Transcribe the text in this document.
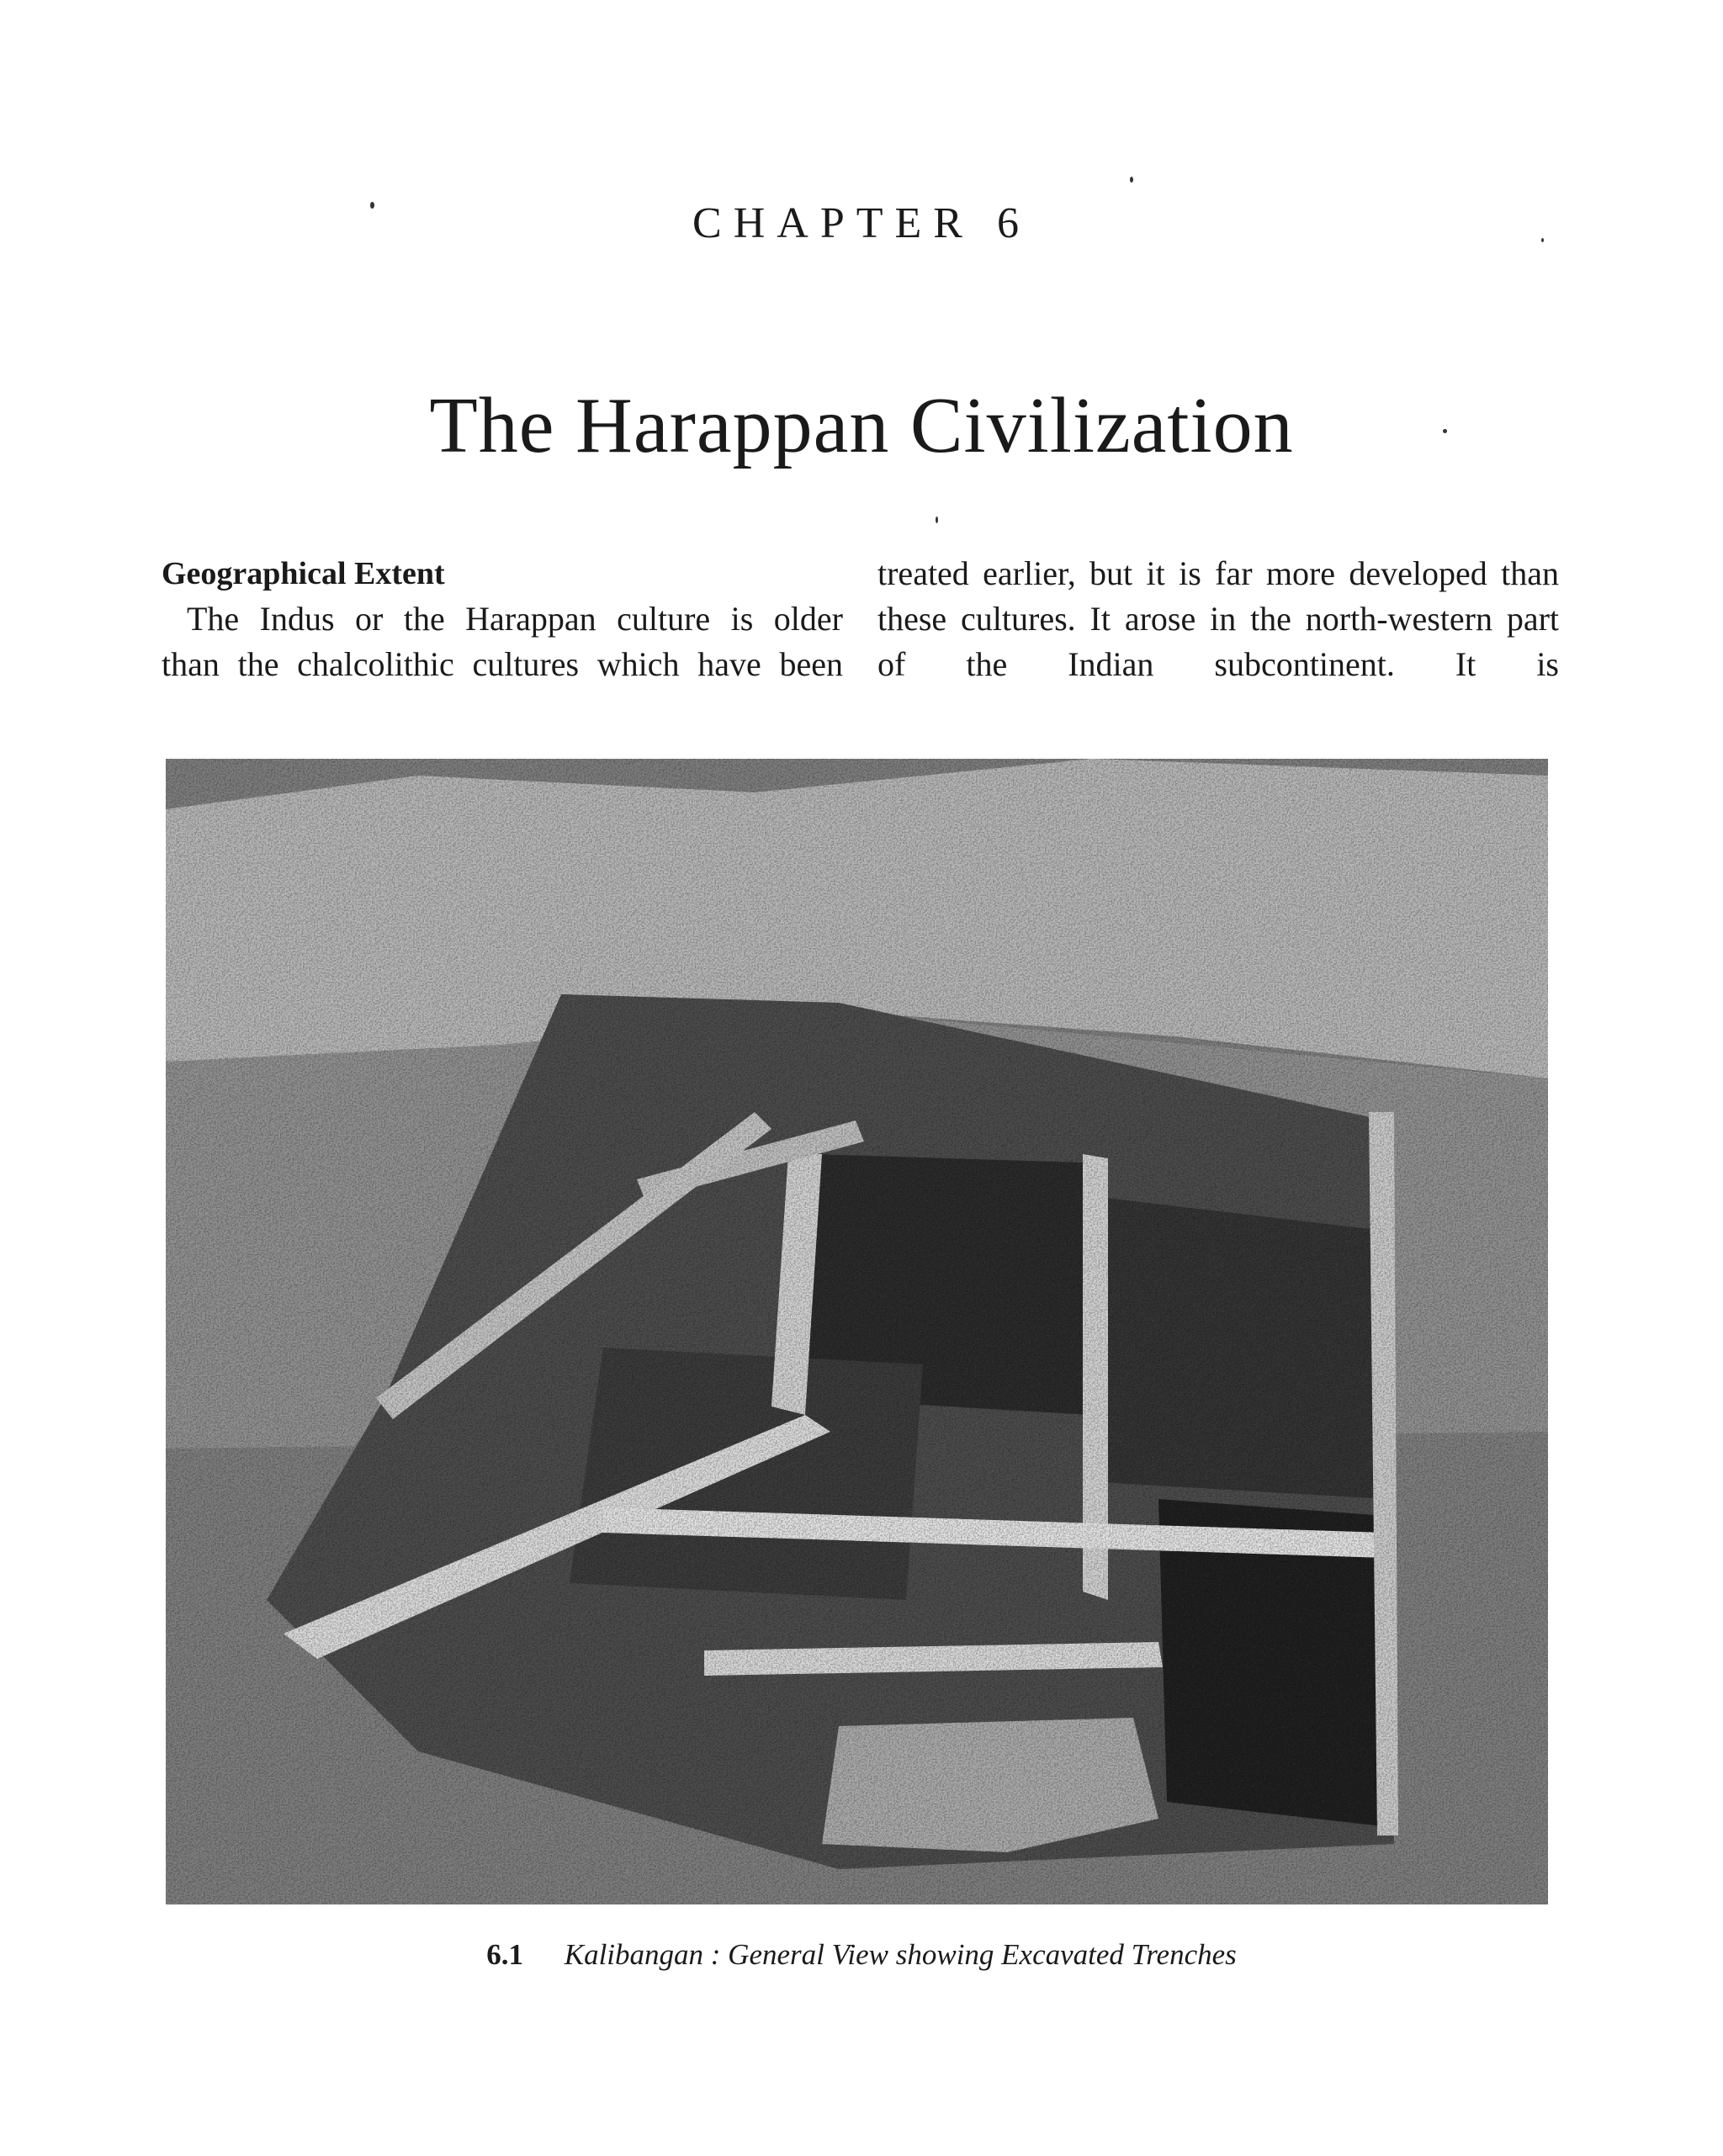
CHAPTER 6
The Harappan Civilization
Geographical Extent
The Indus or the Harappan culture is older than the chalcolithic cultures which have been
treated earlier, but it is far more developed than these cultures. It arose in the north-western part of the Indian subcontinent. It is
6.1 Kalibangan : General View showing Excavated Trenches
